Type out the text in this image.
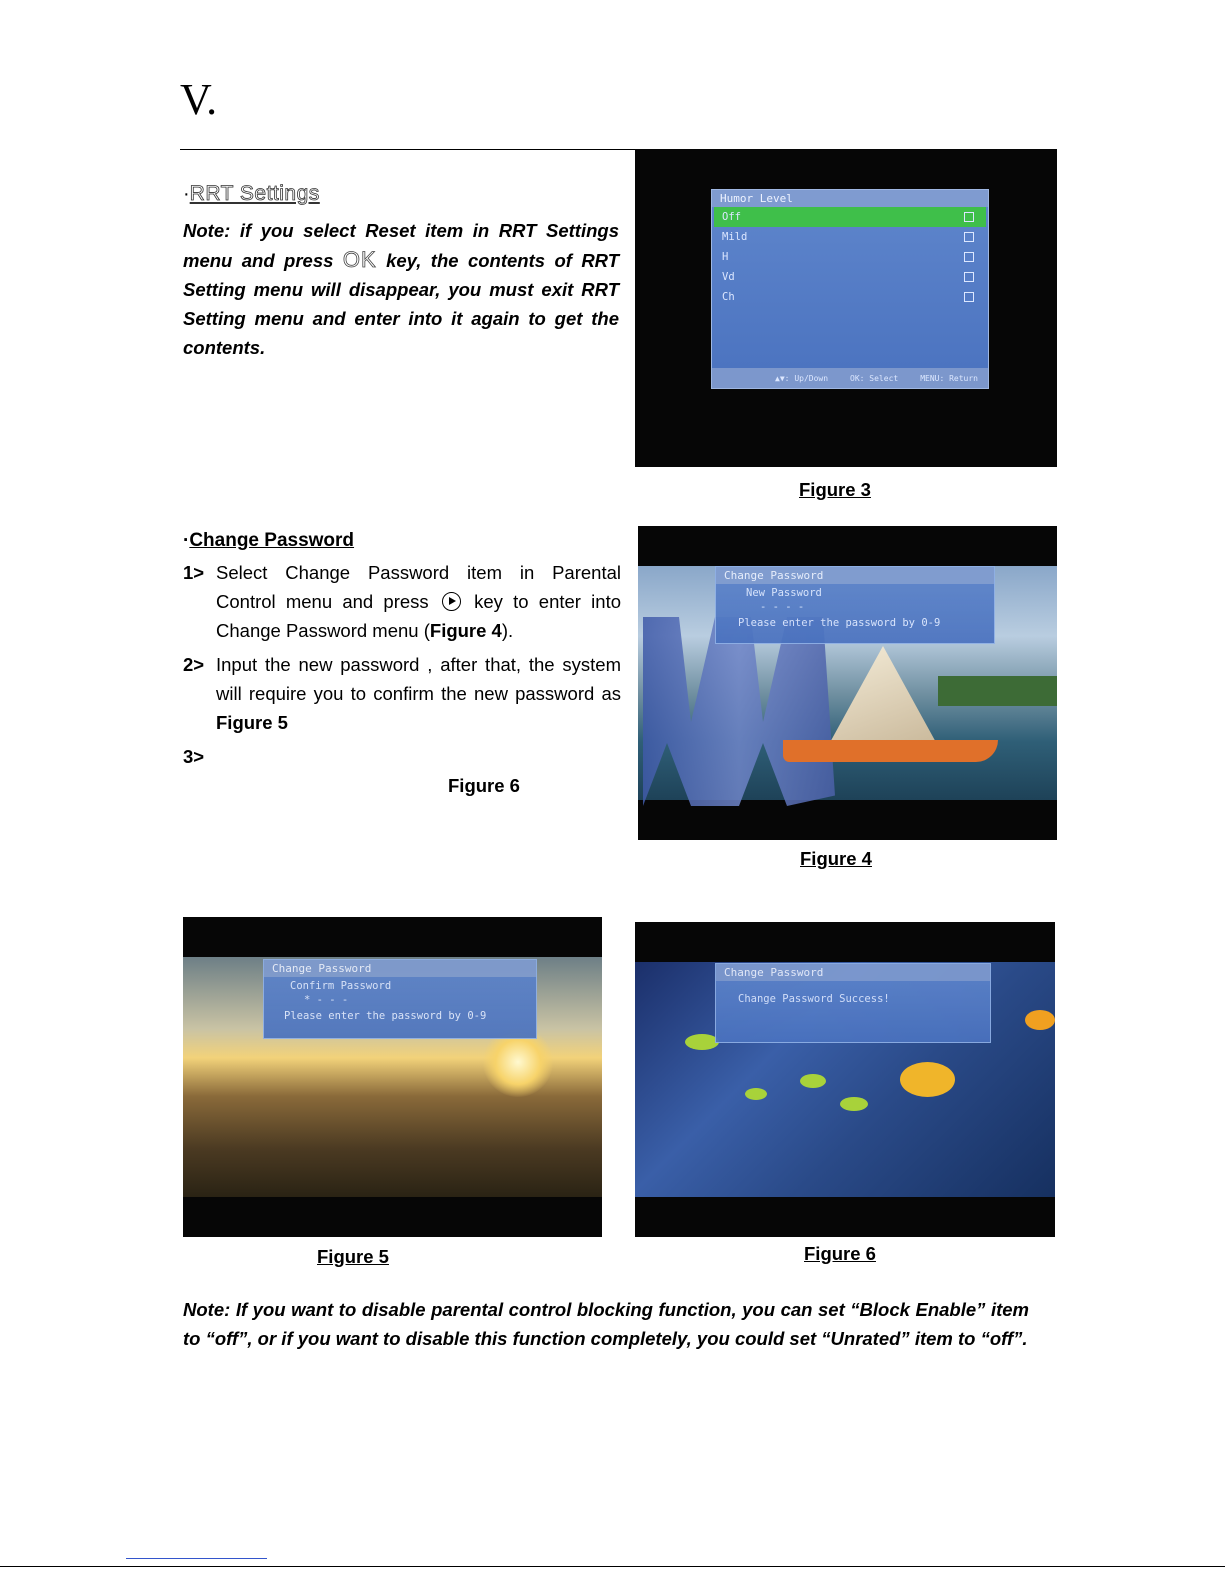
V.
·RRT Settings
Note: if you select Reset item in RRT Settings menu and press OK key, the contents of RRT Setting menu will disappear, you must exit RRT Setting menu and enter into it again to get the contents.
Humor Level
Off
Mild
H
Vd
Ch
▲▼: Up/Down	OK: Select	MENU: Return
Figure 3
·Change Password
1> Select Change Password item in Parental Control menu and press key to enter into Change Password menu (Figure 4).
2> Input the new password , after that, the system will require you to confirm the new password as Figure 5
3>
Figure 6
Change Password
New Password
- - - -
Please enter the password by 0-9
Figure 4
Change Password
Confirm Password
* - - -
Please enter the password by 0-9
Figure 5
Change Password
Change Password Success!
Figure 6
Note: If you want to disable parental control blocking function, you can set “Block Enable” item to “off”, or if you want to disable this function completely, you could set “Unrated” item to “off”.
